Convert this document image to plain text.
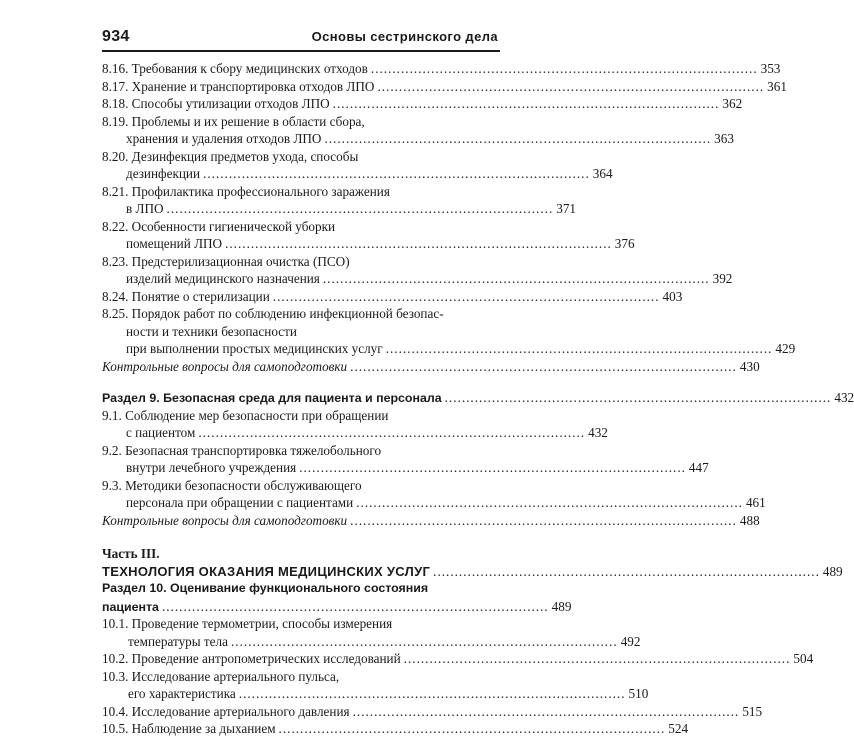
934	Основы сестринского дела
8.16. Требования к сбору медицинских отходов .......................................................................................... 353
8.17. Хранение и транспортировка отходов ЛПО .......................................................................................... 361
8.18. Способы утилизации отходов ЛПО .......................................................................................... 362
8.19. Проблемы и их решение в области сбора,
хранения и удаления отходов ЛПО .......................................................................................... 363
8.20. Дезинфекция предметов ухода, способы
дезинфекции .......................................................................................... 364
8.21. Профилактика профессионального заражения
в ЛПО .......................................................................................... 371
8.22. Особенности гигиенической уборки
помещений ЛПО .......................................................................................... 376
8.23. Предстерилизационная очистка (ПСО)
изделий медицинского назначения .......................................................................................... 392
8.24. Понятие о стерилизации .......................................................................................... 403
8.25. Порядок работ по соблюдению инфекционной безопас-
ности и техники безопасности
при выполнении простых медицинских услуг .......................................................................................... 429
Контрольные вопросы для самоподготовки .......................................................................................... 430
Раздел 9. Безопасная среда для пациента и персонала .......................................................................................... 432
9.1. Соблюдение мер безопасности при обращении
с пациентом .......................................................................................... 432
9.2. Безопасная транспортировка тяжелобольного
внутри лечебного учреждения .......................................................................................... 447
9.3. Методики безопасности обслуживающего
персонала при обращении с пациентами .......................................................................................... 461
Контрольные вопросы для самоподготовки .......................................................................................... 488
Часть III.
ТЕХНОЛОГИЯ ОКАЗАНИЯ МЕДИЦИНСКИХ УСЛУГ .......................................................................................... 489
Раздел 10. Оценивание функционального состояния
пациента .......................................................................................... 489
10.1. Проведение термометрии, способы измерения
температуры тела .......................................................................................... 492
10.2. Проведение антропометрических исследований .......................................................................................... 504
10.3. Исследование артериального пульса,
его характеристика .......................................................................................... 510
10.4. Исследование артериального давления .......................................................................................... 515
10.5. Наблюдение за дыханием .......................................................................................... 524
